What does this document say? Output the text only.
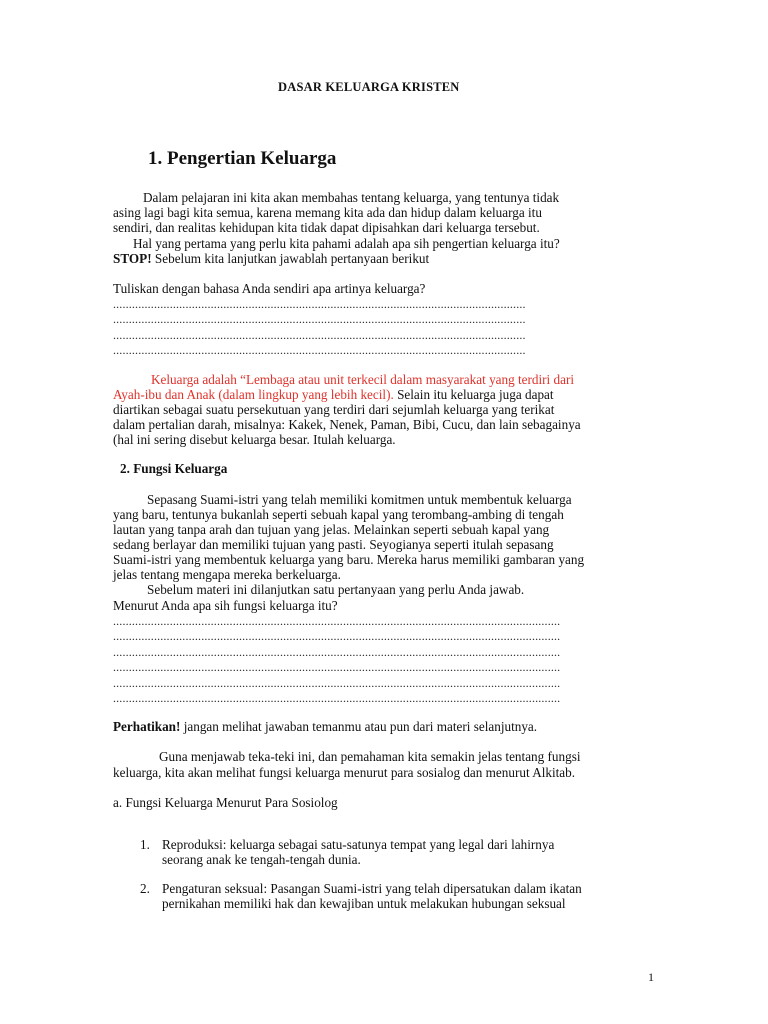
DASAR KELUARGA KRISTEN
1. Pengertian Keluarga
Dalam pelajaran ini kita akan membahas tentang keluarga, yang tentunya tidak
asing lagi bagi kita semua, karena memang kita ada dan hidup dalam keluarga itu
sendiri, dan realitas kehidupan kita tidak dapat dipisahkan dari keluarga tersebut.
Hal yang pertama yang perlu kita pahami adalah apa sih pengertian keluarga itu?
STOP! Sebelum kita lanjutkan jawablah pertanyaan berikut
Tuliskan dengan bahasa Anda sendiri apa artinya keluarga?
...................................................................................................................................
...................................................................................................................................
...................................................................................................................................
...................................................................................................................................
Keluarga adalah “Lembaga atau unit terkecil dalam masyarakat yang terdiri dari
Ayah-ibu dan Anak (dalam lingkup yang lebih kecil). Selain itu keluarga juga dapat
diartikan sebagai suatu persekutuan yang terdiri dari sejumlah keluarga yang terikat
dalam pertalian darah, misalnya: Kakek, Nenek, Paman, Bibi, Cucu, dan lain sebagainya
(hal ini sering disebut keluarga besar. Itulah keluarga.
2. Fungsi Keluarga
Sepasang Suami-istri yang telah memiliki komitmen untuk membentuk keluarga
yang baru, tentunya bukanlah seperti sebuah kapal yang terombang-ambing di tengah
lautan yang tanpa arah dan tujuan yang jelas. Melainkan seperti sebuah kapal yang
sedang berlayar dan memiliki tujuan yang pasti. Seyogianya seperti itulah sepasang
Suami-istri yang membentuk keluarga yang baru. Mereka harus memiliki gambaran yang
jelas tentang mengapa mereka berkeluarga.
Sebelum materi ini dilanjutkan satu pertanyaan yang perlu Anda jawab.
Menurut Anda apa sih fungsi keluarga itu?
..............................................................................................................................................
..............................................................................................................................................
..............................................................................................................................................
..............................................................................................................................................
..............................................................................................................................................
..............................................................................................................................................
Perhatikan! jangan melihat jawaban temanmu atau pun dari materi selanjutnya.
Guna menjawab teka-teki ini, dan pemahaman kita semakin jelas tentang fungsi
keluarga, kita akan melihat fungsi keluarga menurut para sosialog dan menurut Alkitab.
a. Fungsi Keluarga Menurut Para Sosiolog
1. Reproduksi: keluarga sebagai satu-satunya tempat yang legal dari lahirnya
seorang anak ke tengah-tengah dunia.
2. Pengaturan seksual: Pasangan Suami-istri yang telah dipersatukan dalam ikatan
pernikahan memiliki hak dan kewajiban untuk melakukan hubungan seksual
1
